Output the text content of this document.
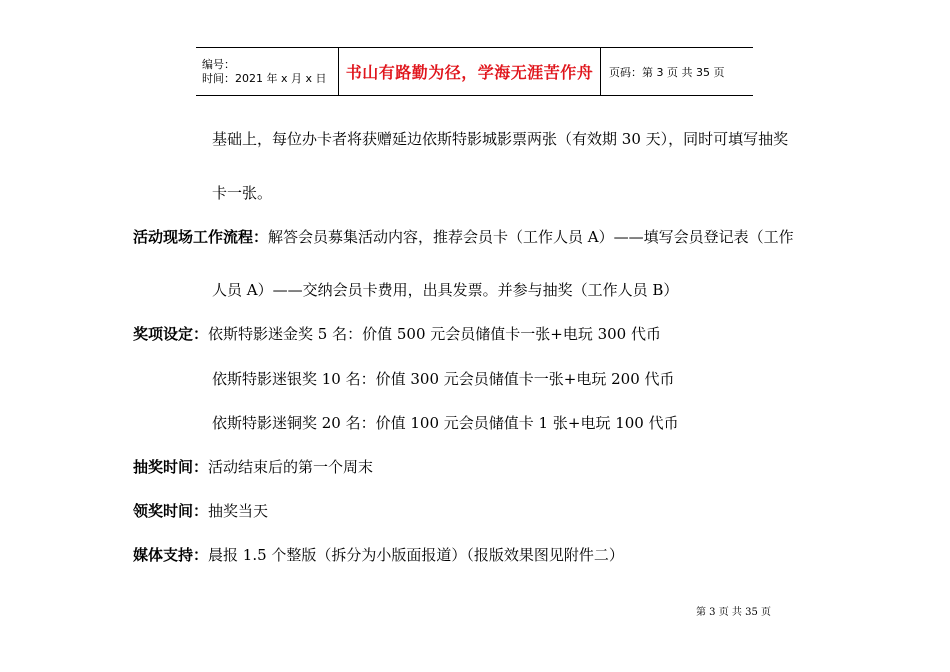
编号：
时间：2021 年 x 月 x 日	书山有路勤为径，学海无涯苦作舟	页码：第 3 页 共 35 页
基础上，每位办卡者将获赠延边依斯特影城影票两张（有效期 30 天），同时可填写抽奖
卡一张。
活动现场工作流程：解答会员募集活动内容，推荐会员卡（工作人员 A）——填写会员登记表（工作
人员 A）——交纳会员卡费用，出具发票。并参与抽奖（工作人员 B）
奖项设定：依斯特影迷金奖 5 名：价值 500 元会员储值卡一张+电玩 300 代币
依斯特影迷银奖 10 名：价值 300 元会员储值卡一张+电玩 200 代币
依斯特影迷铜奖 20 名：价值 100 元会员储值卡 1 张+电玩 100 代币
抽奖时间：活动结束后的第一个周末
领奖时间：抽奖当天
媒体支持：晨报 1.5 个整版（拆分为小版面报道）（报版效果图见附件二）
第 3 页 共 35 页
